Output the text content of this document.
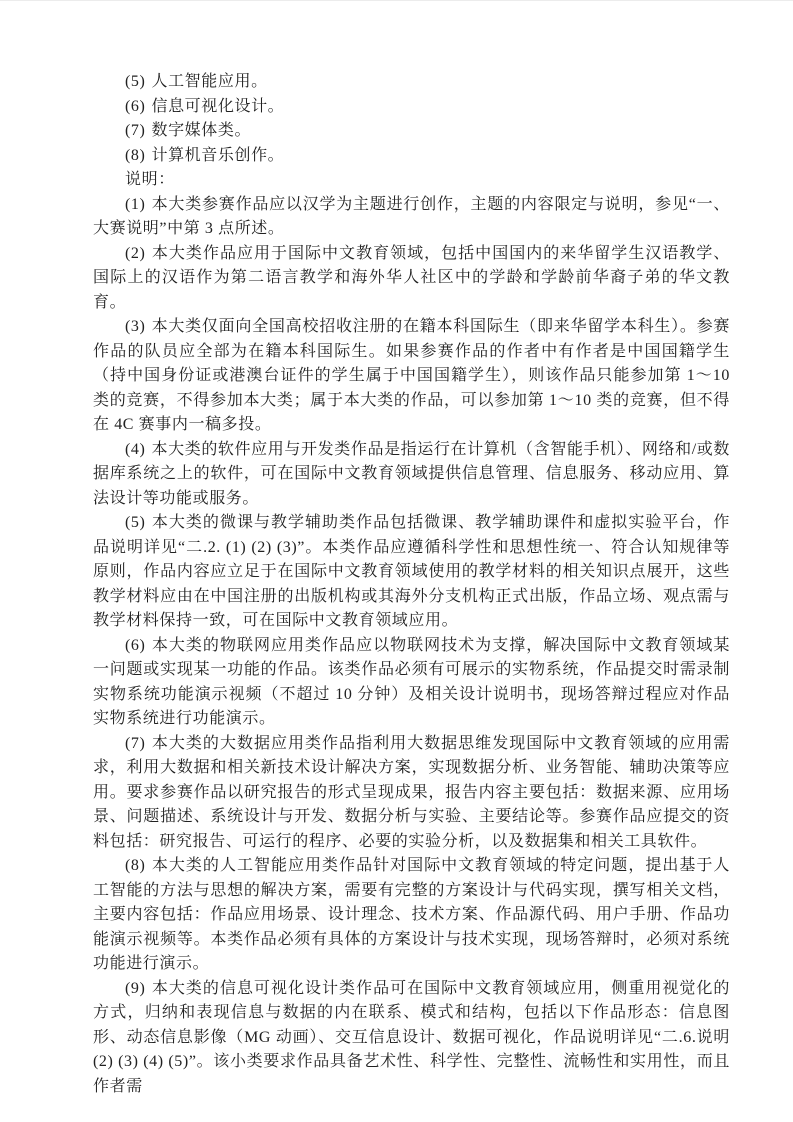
(5) 人工智能应用。

(6) 信息可视化设计。

(7) 数字媒体类。

(8) 计算机音乐创作。

说明：

(1) 本大类参赛作品应以汉学为主题进行创作，主题的内容限定与说明，参见“一、大赛说明”中第 3 点所述。

(2) 本大类作品应用于国际中文教育领域，包括中国国内的来华留学生汉语教学、国际上的汉语作为第二语言教学和海外华人社区中的学龄和学龄前华裔子弟的华文教育。

(3) 本大类仅面向全国高校招收注册的在籍本科国际生（即来华留学本科生）。参赛作品的队员应全部为在籍本科国际生。如果参赛作品的作者中有作者是中国国籍学生（持中国身份证或港澳台证件的学生属于中国国籍学生），则该作品只能参加第 1～10 类的竞赛，不得参加本大类；属于本大类的作品，可以参加第 1～10 类的竞赛，但不得在 4C 赛事内一稿多投。

(4) 本大类的软件应用与开发类作品是指运行在计算机（含智能手机）、网络和/或数据库系统之上的软件，可在国际中文教育领域提供信息管理、信息服务、移动应用、算法设计等功能或服务。

(5) 本大类的微课与教学辅助类作品包括微课、教学辅助课件和虚拟实验平台，作品说明详见“二.2. (1) (2) (3)”。本类作品应遵循科学性和思想性统一、符合认知规律等原则，作品内容应立足于在国际中文教育领域使用的教学材料的相关知识点展开，这些教学材料应由在中国注册的出版机构或其海外分支机构正式出版，作品立场、观点需与教学材料保持一致，可在国际中文教育领域应用。

(6) 本大类的物联网应用类作品应以物联网技术为支撑，解决国际中文教育领域某一问题或实现某一功能的作品。该类作品必须有可展示的实物系统，作品提交时需录制实物系统功能演示视频（不超过 10 分钟）及相关设计说明书，现场答辩过程应对作品实物系统进行功能演示。

(7) 本大类的大数据应用类作品指利用大数据思维发现国际中文教育领域的应用需求，利用大数据和相关新技术设计解决方案，实现数据分析、业务智能、辅助决策等应用。要求参赛作品以研究报告的形式呈现成果，报告内容主要包括：数据来源、应用场景、问题描述、系统设计与开发、数据分析与实验、主要结论等。参赛作品应提交的资料包括：研究报告、可运行的程序、必要的实验分析，以及数据集和相关工具软件。

(8) 本大类的人工智能应用类作品针对国际中文教育领域的特定问题，提出基于人工智能的方法与思想的解决方案，需要有完整的方案设计与代码实现，撰写相关文档，主要内容包括：作品应用场景、设计理念、技术方案、作品源代码、用户手册、作品功能演示视频等。本类作品必须有具体的方案设计与技术实现，现场答辩时，必须对系统功能进行演示。

(9) 本大类的信息可视化设计类作品可在国际中文教育领域应用，侧重用视觉化的方式，归纳和表现信息与数据的内在联系、模式和结构，包括以下作品形态：信息图形、动态信息影像（MG 动画）、交互信息设计、数据可视化，作品说明详见“二.6.说明 (2) (3) (4) (5)”。该小类要求作品具备艺术性、科学性、完整性、流畅性和实用性，而且作者需
